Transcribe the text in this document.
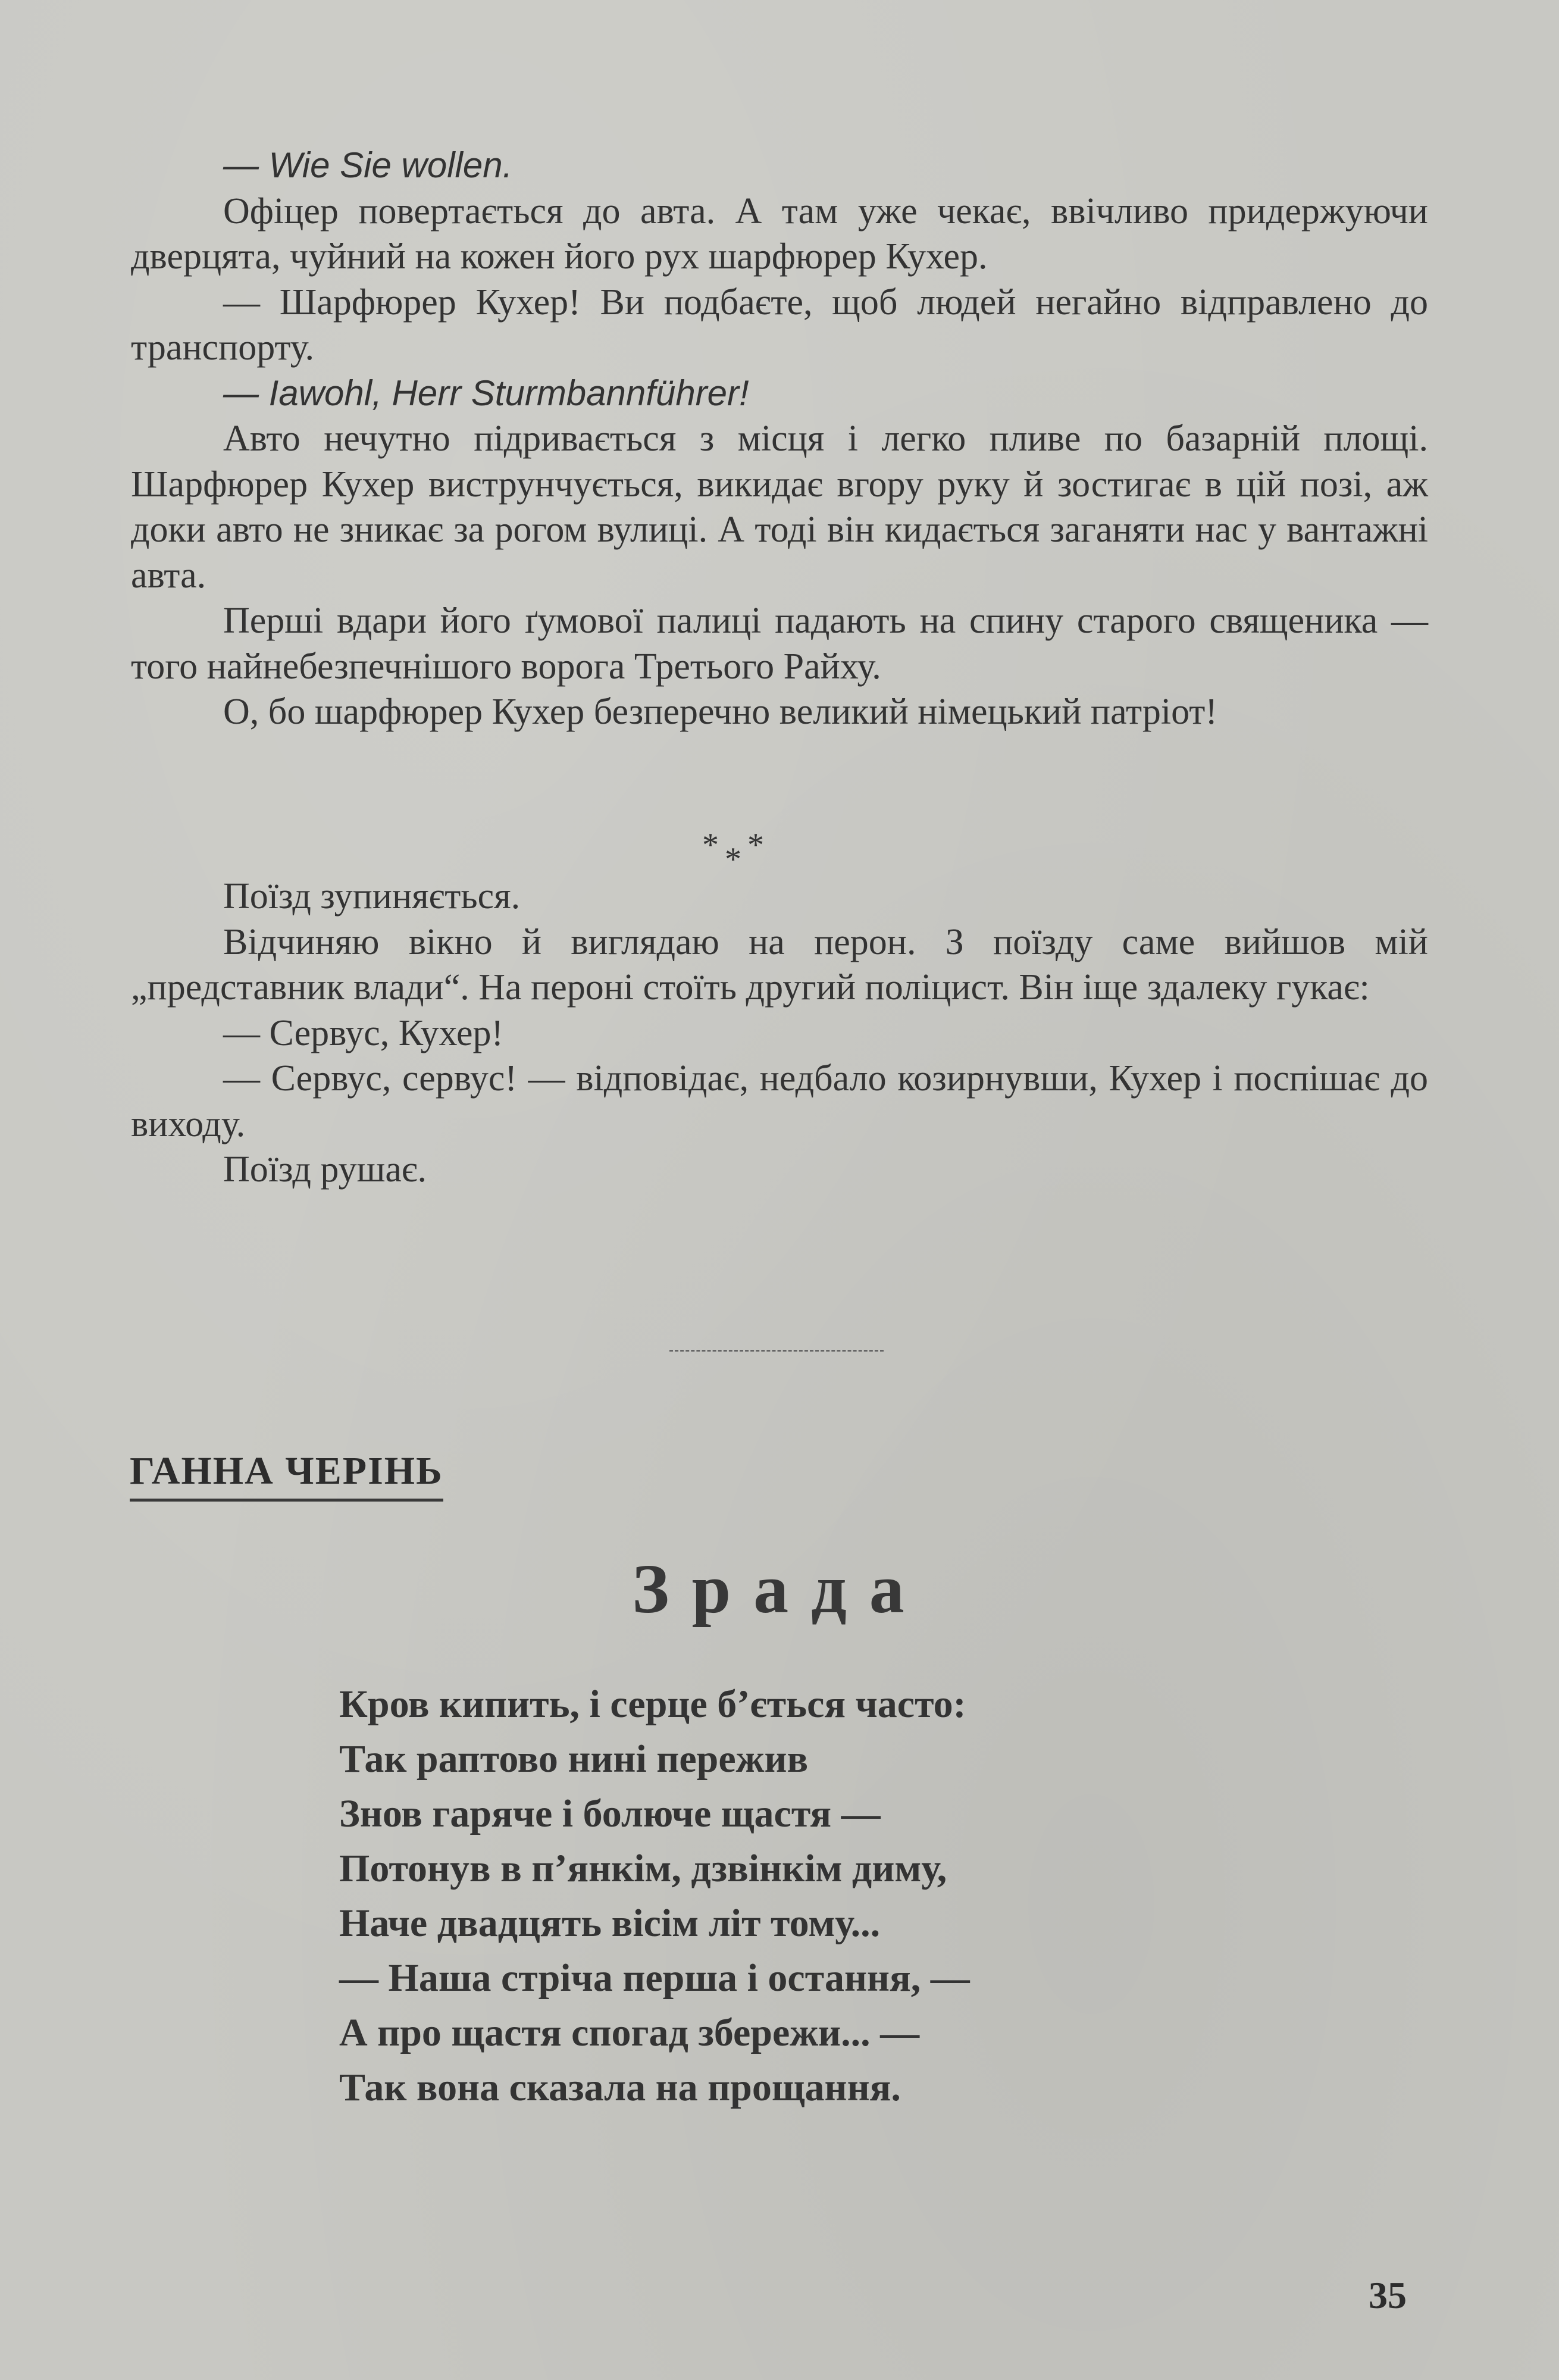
— Wie Sie wollen.

Офіцер повертається до авта. А там уже чекає, ввічливо придержуючи дверцята, чуйний на кожен його рух шарфюрер Кухер.

— Шарфюрер Кухер! Ви подбаєте, щоб людей негайно відправлено до транспорту.

— Iawohl, Herr Sturmbannführer!

Авто нечутно підривається з місця і легко пливе по базарній площі. Шарфюрер Кухер виструнчується, викидає вгору руку й зостигає в цій позі, аж доки авто не зникає за рогом вулиці. А тоді він кидається заганяти нас у вантажні авта.

Перші вдари його ґумової палиці падають на спину старого священика — того найнебезпечнішого ворога Третього Райху.

О, бо шарфюрер Кухер безперечно великий німецький патріот!

* * *

Поїзд зупиняється.

Відчиняю вікно й виглядаю на перон. З поїзду саме вийшов мій „представник влади“. На пероні стоїть другий поліцист. Він іще здалеку гукає:

— Сервус, Кухер!

— Сервус, сервус! — відповідає, недбало козирнувши, Кухер і поспішає до виходу.

Поїзд рушає.

ГАННА ЧЕРІНЬ
Зрада
Кров кипить, і серце б’ється часто:
Так раптово нині пережив
Знов гаряче і болюче щастя —
Потонув в п’янкім, дзвінкім диму,
Наче двадцять вісім літ тому...
— Наша стріча перша і остання, —
А про щастя спогад збережи... —
Так вона сказала на прощання.
35
